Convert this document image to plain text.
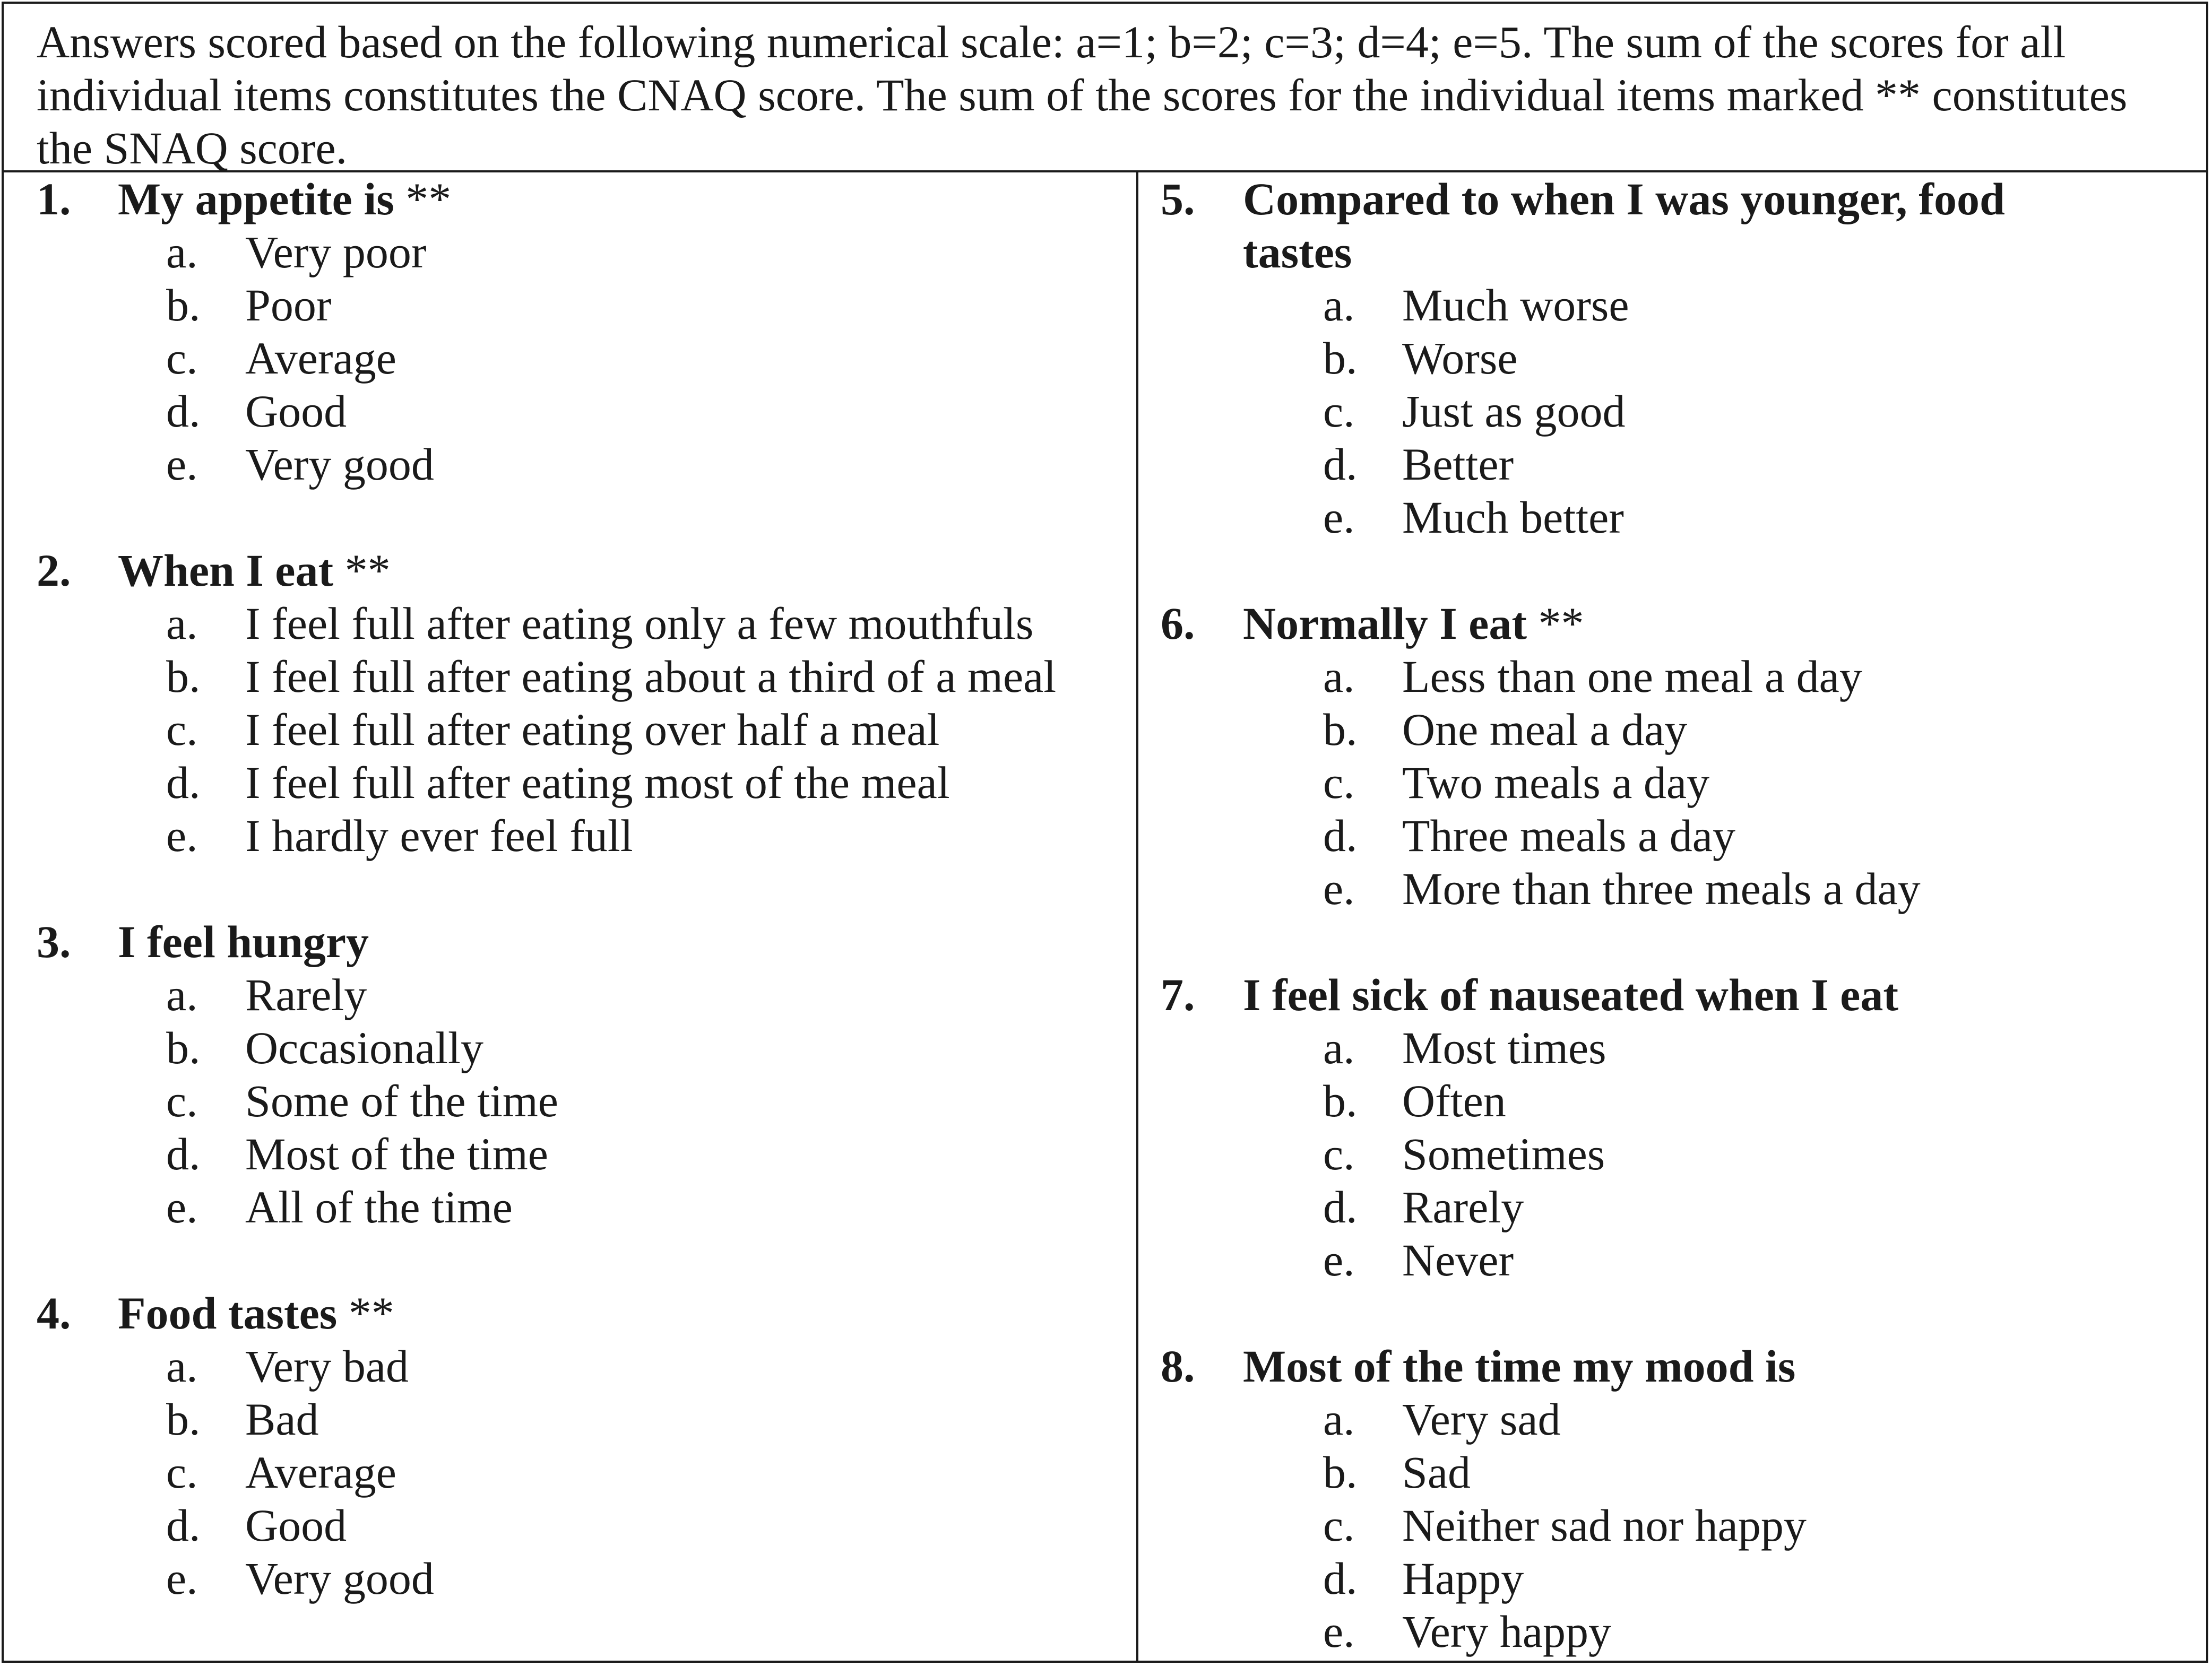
Answers scored based on the following numerical scale: a=1; b=2; c=3; d=4; e=5. The sum of the scores for all individual items constitutes the CNAQ score. The sum of the scores for the individual items marked ** constitutes the SNAQ score.
1. My appetite is **
a. Very poor
b. Poor
c. Average
d. Good
e. Very good
2. When I eat **
a. I feel full after eating only a few mouthfuls
b. I feel full after eating about a third of a meal
c. I feel full after eating over half a meal
d. I feel full after eating most of the meal
e. I hardly ever feel full
3. I feel hungry
a. Rarely
b. Occasionally
c. Some of the time
d. Most of the time
e. All of the time
4. Food tastes **
a. Very bad
b. Bad
c. Average
d. Good
e. Very good
5. Compared to when I was younger, food tastes
a. Much worse
b. Worse
c. Just as good
d. Better
e. Much better
6. Normally I eat **
a. Less than one meal a day
b. One meal a day
c. Two meals a day
d. Three meals a day
e. More than three meals a day
7. I feel sick of nauseated when I eat
a. Most times
b. Often
c. Sometimes
d. Rarely
e. Never
8. Most of the time my mood is
a. Very sad
b. Sad
c. Neither sad nor happy
d. Happy
e. Very happy
